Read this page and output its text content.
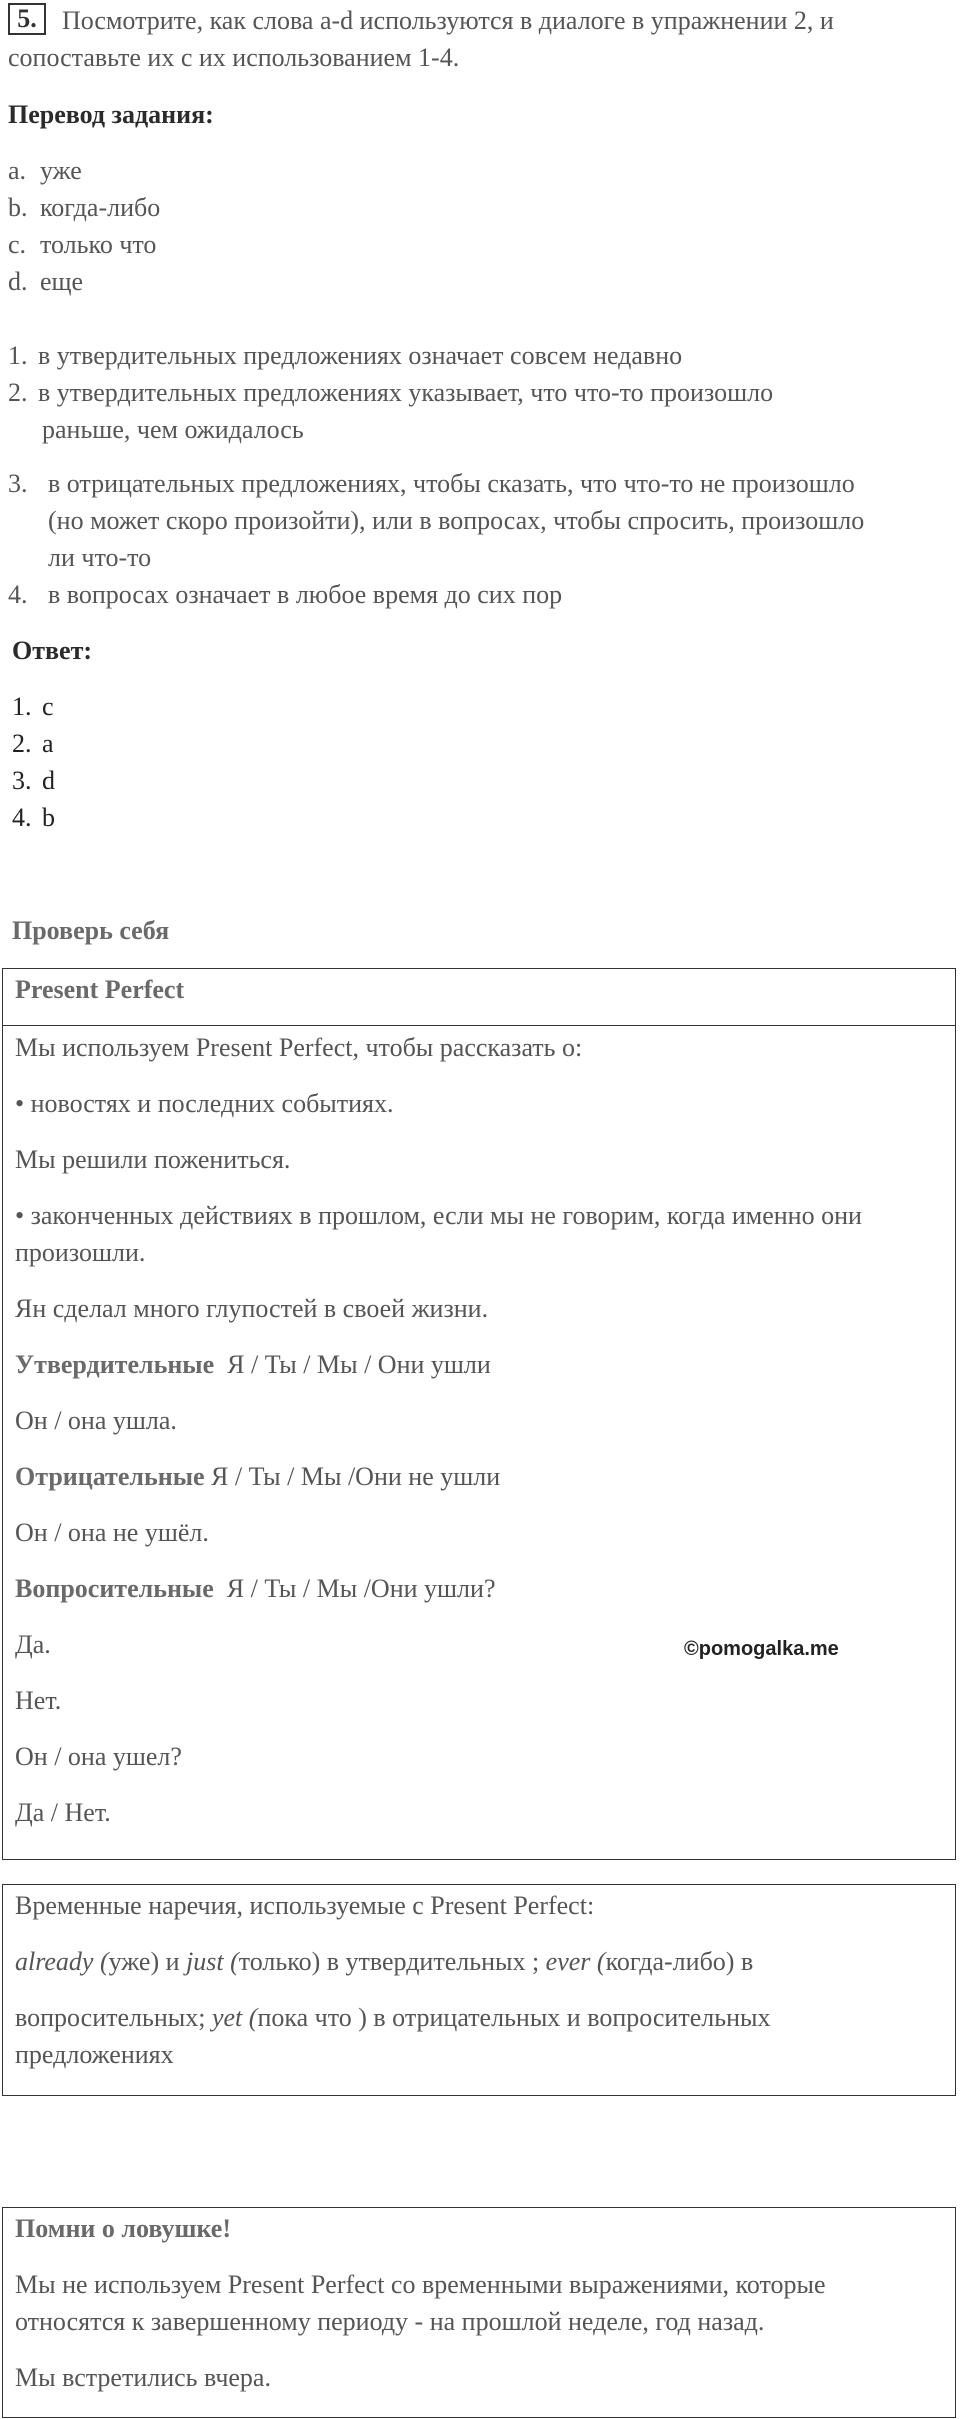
5. Посмотрите, как слова a-d используются в диалоге в упражнении 2, и

сопоставьте их с их использованием 1-4.

Перевод задания:

a. уже

b. когда-либо

c. только что

d. еще

1. в утвердительных предложениях означает совсем недавно

2. в утвердительных предложениях указывает, что что-то произошло

раньше, чем ожидалось

3. в отрицательных предложениях, чтобы сказать, что что-то не произошло

(но может скоро произойти), или в вопросах, чтобы спросить, произошло

ли что-то

4. в вопросах означает в любое время до сих пор

Ответ:

1. c

2. a

3. d

4. b

Проверь себя

Present Perfect

Мы используем Present Perfect, чтобы рассказать о:

• новостях и последних событиях.

Мы решили пожениться.

• законченных действиях в прошлом, если мы не говорим, когда именно они

произошли.

Ян сделал много глупостей в своей жизни.

Утвердительные  Я / Ты / Мы / Они ушли

Он / она ушла.

Отрицательные Я / Ты / Мы /Они не ушли

Он / она не ушёл.

Вопросительные  Я / Ты / Мы /Они ушли?

Да.

Нет.

Он / она ушел?

Да / Нет.

©pomogalka.me

Временные наречия, используемые с Present Perfect:

already (уже) и just (только) в утвердительных ; ever (когда-либо) в

вопросительных; yet (пока что ) в отрицательных и вопросительных

предложениях

Помни о ловушке!

Мы не используем Present Perfect со временными выражениями, которые

относятся к завершенному периоду - на прошлой неделе, год назад.

Мы встретились вчера.
